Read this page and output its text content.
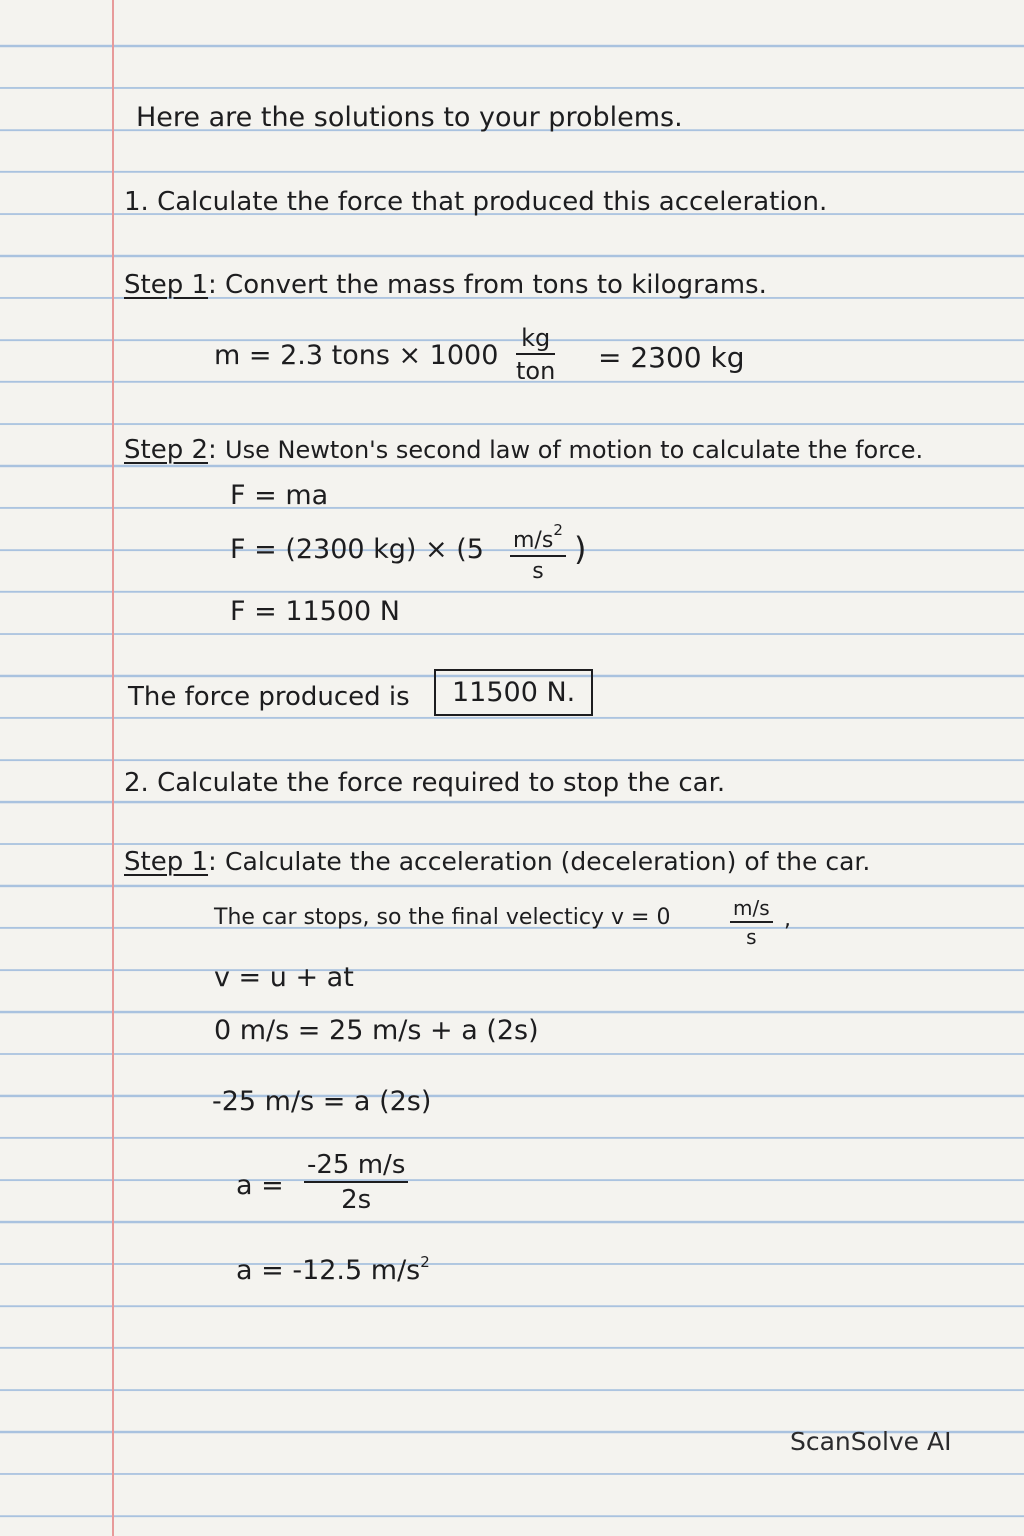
Here are the solutions to your problems.
1. Calculate the force that produced this acceleration.
Step 1: Convert the mass from tons to kilograms.
m = 2.3 tons × 1000
kg
ton = 2300 kg
Step 2: Use Newton's second law of motion to calculate the force.
F = ma
F = (2300 $kg) \times (5 \frac{m/s^2}{s}$ )
F = 11500 N
The force produced is	11500 N.
2. Calculate the force required to stop the car.
Step 1: Calculate the acceleration (deceleration) of the car.
The car stops, so the final velecticy v = 0	$\frac{m/s}{s}$ ,
v = u + at
0 m/s = 25 m/s + a (2s)
-25 m/s = a (2s)
$a = \frac{-25 m/s}{2s}$
a = -12.5 $m/s^2$
ScanSolve AI
